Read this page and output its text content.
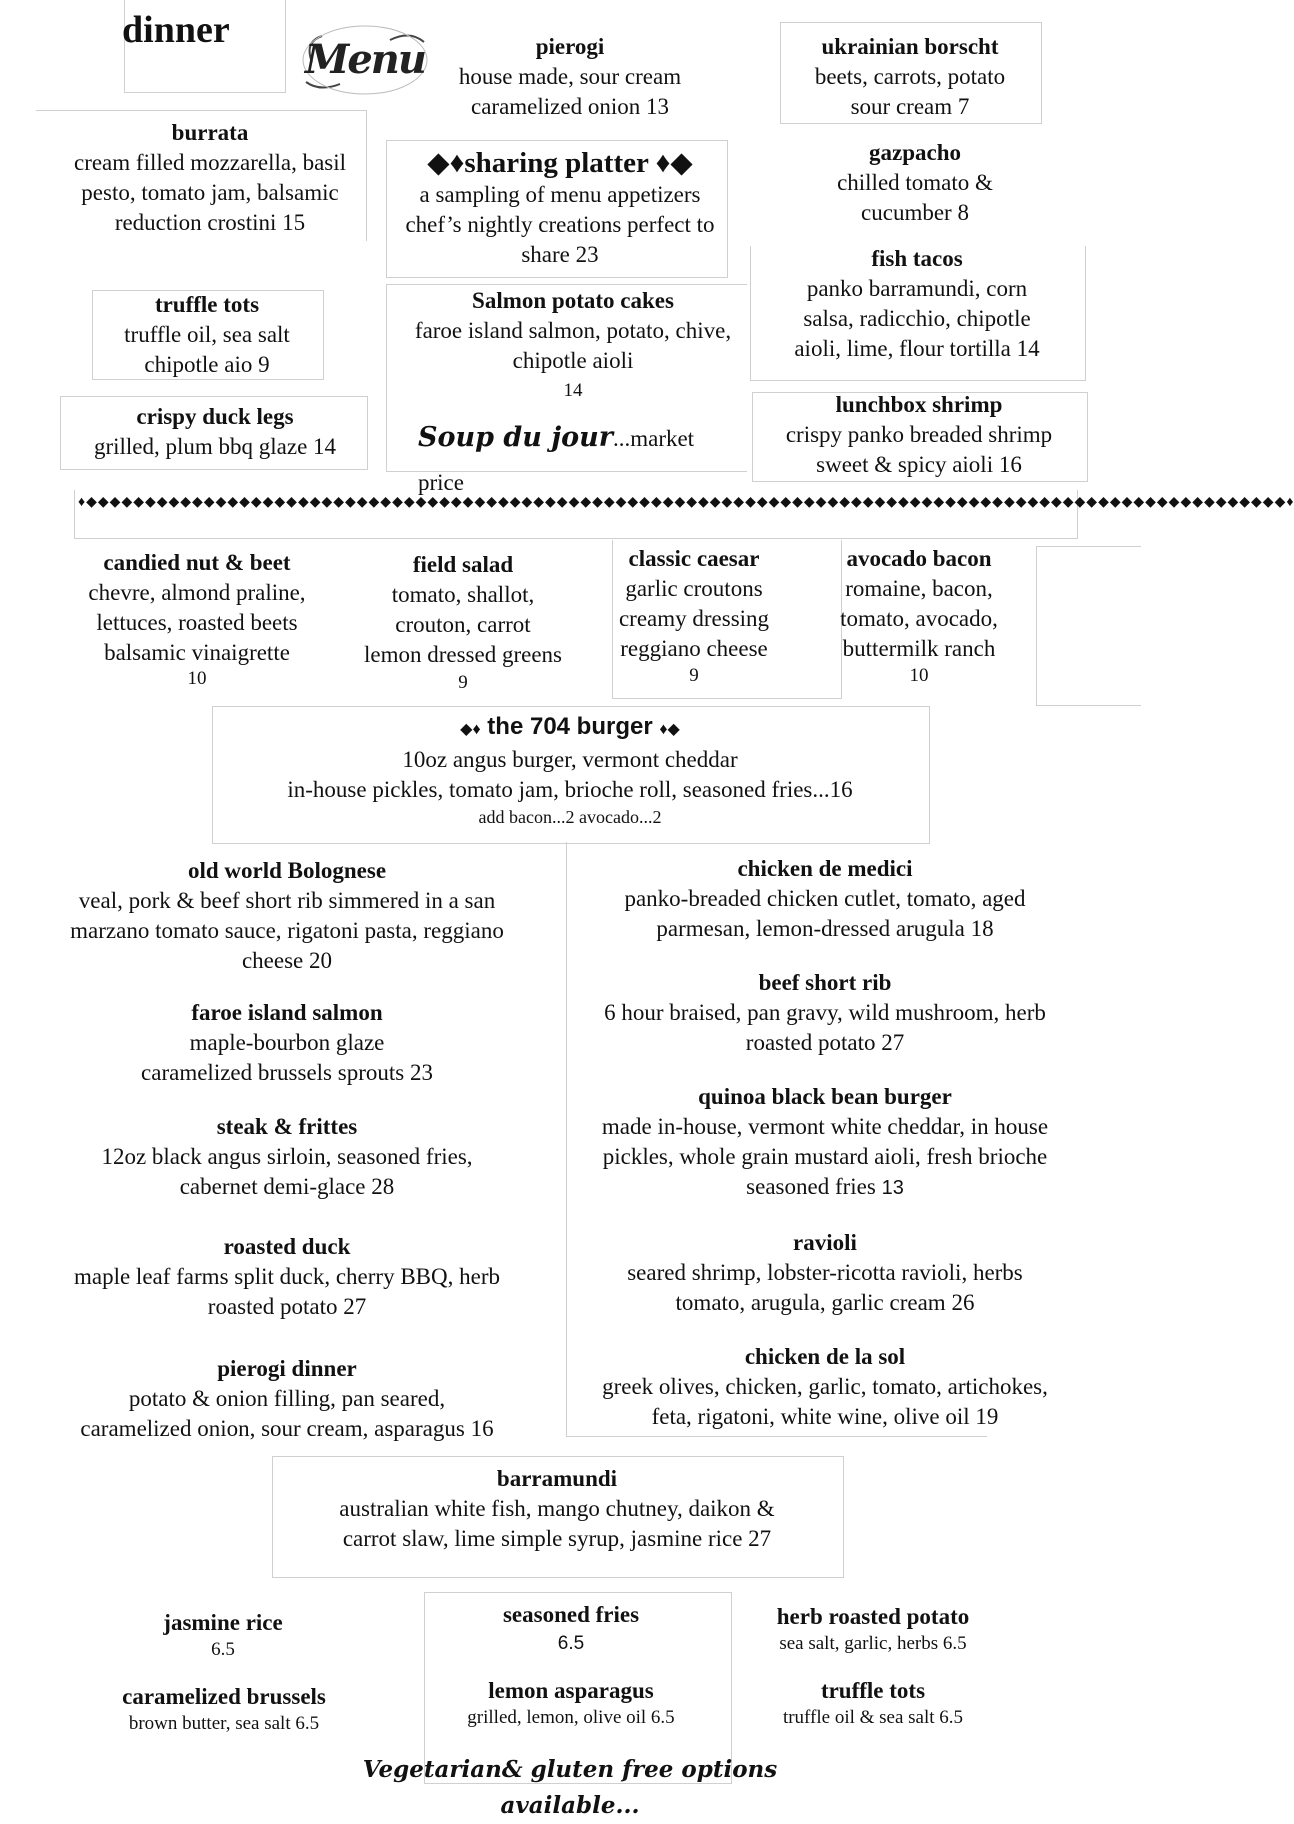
dinner
Menu	pierogi
house made, sour cream
caramelized onion 13
ukrainian borscht
beets, carrots, potato
sour cream 7
burrata
cream filled mozzarella, basil
pesto, tomato jam, balsamic
reduction crostini 15
◆♦sharing platter ♦◆
a sampling of menu appetizers
chef’s nightly creations perfect to
share 23
gazpacho
chilled tomato &
cucumber 8
fish tacos
panko barramundi, corn
salsa, radicchio, chipotle
aioli, lime, flour tortilla 14
truffle tots
truffle oil, sea salt
chipotle aio 9
Salmon potato cakes
faroe island salmon, potato, chive,
chipotle aioli
14
crispy duck legs
grilled, plum bbq glaze 14	Soup du jour...market price
lunchbox shrimp
crispy panko breaded shrimp
sweet & spicy aioli 16
♦◆◆◆◆◆◆◆◆◆◆◆◆◆◆◆◆◆◆◆◆◆◆◆◆◆◆◆◆◆◆◆◆◆◆◆◆◆◆◆◆◆◆◆◆◆◆◆◆◆◆◆◆◆◆◆◆◆◆◆◆◆◆◆◆◆◆◆◆◆◆◆◆◆◆◆◆◆◆◆◆◆◆◆◆◆◆◆◆◆◆◆◆◆◆◆◆◆◆◆◆◆◆♦
candied nut & beet
chevre, almond praline,
lettuces, roasted beets
balsamic vinaigrette
10
field salad
tomato, shallot,
crouton, carrot
lemon dressed greens
9
classic caesar
garlic croutons
creamy dressing
reggiano cheese
9
avocado bacon
romaine, bacon,
tomato, avocado,
buttermilk ranch
10
◆♦ the 704 burger ♦◆
10oz angus burger, vermont cheddar
in-house pickles, tomato jam, brioche roll, seasoned fries...16
add bacon...2 avocado...2
old world Bolognese
veal, pork & beef short rib simmered in a san
marzano tomato sauce, rigatoni pasta, reggiano
cheese 20
faroe island salmon
maple-bourbon glaze
caramelized brussels sprouts 23
steak & frittes
12oz black angus sirloin, seasoned fries,
cabernet demi-glace 28
roasted duck
maple leaf farms split duck, cherry BBQ, herb
roasted potato 27
pierogi dinner
potato & onion filling, pan seared,
caramelized onion, sour cream, asparagus 16
chicken de medici
panko-breaded chicken cutlet, tomato, aged
parmesan, lemon-dressed arugula 18
beef short rib
6 hour braised, pan gravy, wild mushroom, herb
roasted potato 27
quinoa black bean burger
made in-house, vermont white cheddar, in house
pickles, whole grain mustard aioli, fresh brioche
seasoned fries 13
ravioli
seared shrimp, lobster-ricotta ravioli, herbs
tomato, arugula, garlic cream 26
chicken de la sol
greek olives, chicken, garlic, tomato, artichokes,
feta, rigatoni, white wine, olive oil 19
barramundi
australian white fish, mango chutney, daikon &
carrot slaw, lime simple syrup, jasmine rice 27
jasmine rice
6.5
seasoned fries
6.5
herb roasted potato
sea salt, garlic, herbs 6.5
caramelized brussels
brown butter, sea salt 6.5
lemon asparagus
grilled, lemon, olive oil 6.5
truffle tots
truffle oil & sea salt 6.5
Vegetarian& gluten free options available...
